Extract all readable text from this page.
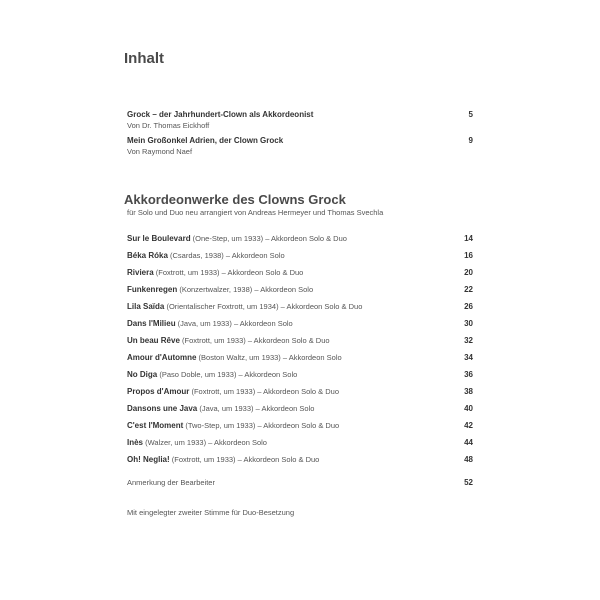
Inhalt
Grock – der Jahrhundert-Clown als Akkordeonist	5
Von Dr. Thomas Eickhoff
Mein Großonkel Adrien, der Clown Grock	9
Von Raymond Naef
Akkordeonwerke des Clowns Grock
für Solo und Duo neu arrangiert von Andreas Hermeyer und Thomas Svechla
Sur le Boulevard (One-Step, um 1933) – Akkordeon Solo & Duo	14
Béka Róka (Csardas, 1938) – Akkordeon Solo	16
Riviera (Foxtrott, um 1933) – Akkordeon Solo & Duo	20
Funkenregen (Konzertwalzer, 1938) – Akkordeon Solo	22
Lila Saïda (Orientalischer Foxtrott, um 1934) – Akkordeon Solo & Duo	26
Dans l'Milieu (Java, um 1933) – Akkordeon Solo	30
Un beau Rêve (Foxtrott, um 1933) – Akkordeon Solo & Duo	32
Amour d'Automne (Boston Waltz, um 1933) – Akkordeon Solo	34
No Diga (Paso Doble, um 1933) – Akkordeon Solo	36
Propos d'Amour (Foxtrott, um 1933) – Akkordeon Solo & Duo	38
Dansons une Java (Java, um 1933) – Akkordeon Solo	40
C'est l'Moment (Two-Step, um 1933) – Akkordeon Solo & Duo	42
Inès (Walzer, um 1933) – Akkordeon Solo	44
Oh! Neglia! (Foxtrott, um 1933) – Akkordeon Solo & Duo	48
Anmerkung der Bearbeiter	52
Mit eingelegter zweiter Stimme für Duo-Besetzung
